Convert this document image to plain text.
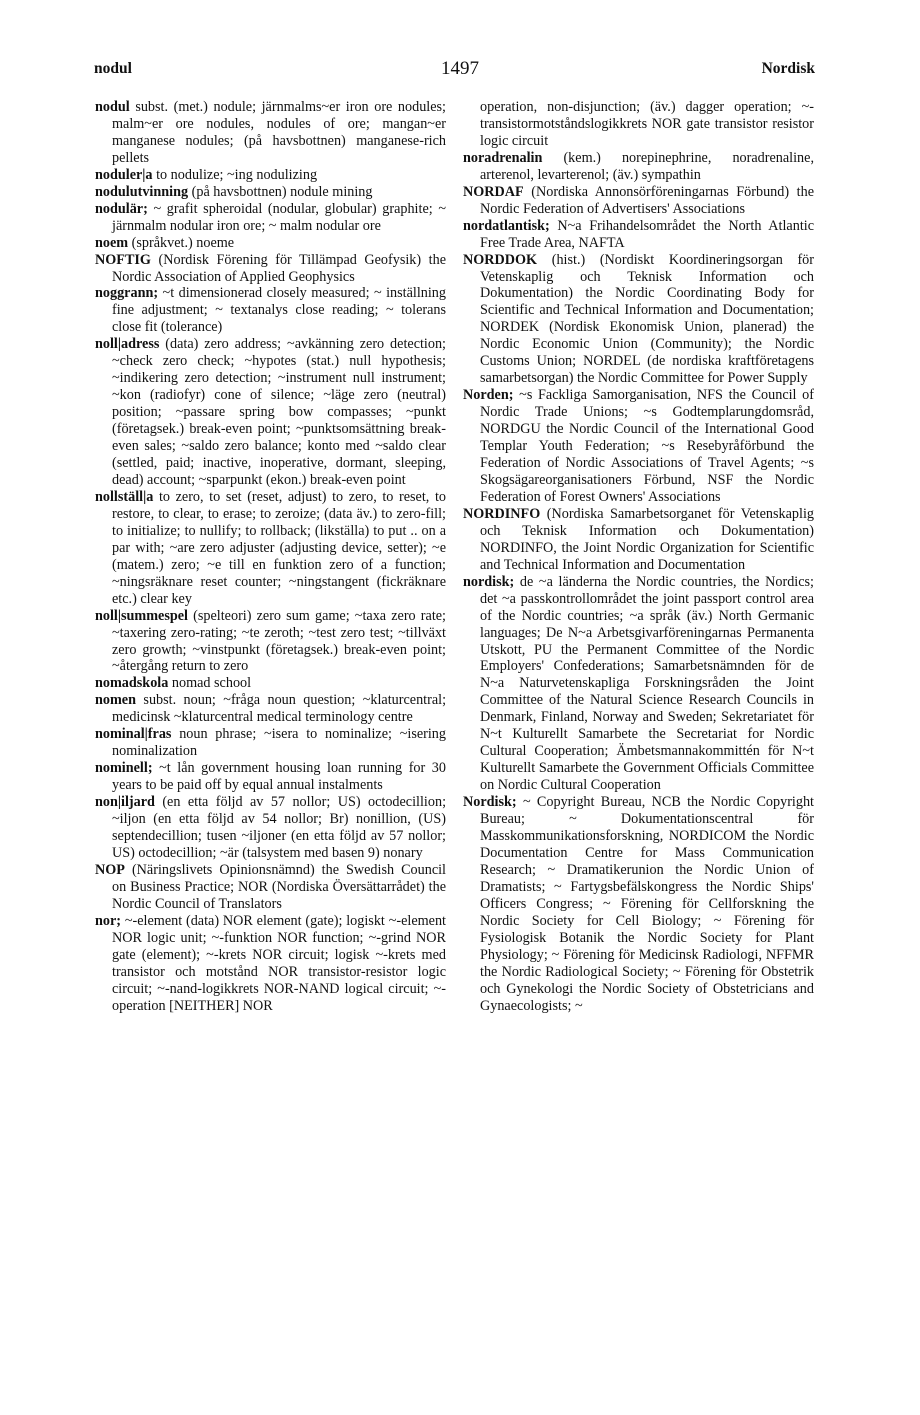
nodul	1497	Nordisk

nodul subst. (met.) nodule; järnmalms~er iron ore nodules; malm~er ore nodules, nodules of ore; mangan~er manganese nodules; (på havsbottnen) manganese-rich pellets

noduler|a to nodulize; ~ing nodulizing

nodulutvinning (på havsbottnen) nodule mining

nodulär; ~ grafit spheroidal (nodular, globular) graphite; ~ järnmalm nodular iron ore; ~ malm nodular ore

noem (språkvet.) noeme

NOFTIG (Nordisk Förening för Tillämpad Geofysik) the Nordic Association of Applied Geophysics

noggrann; ~t dimensionerad closely measured; ~ inställning fine adjustment; ~ textanalys close reading; ~ tolerans close fit (tolerance)

noll|adress (data) zero address; ~avkänning zero detection; ~check zero check; ~hypotes (stat.) null hypothesis; ~indikering zero detection; ~instrument null instrument; ~kon (radiofyr) cone of silence; ~läge zero (neutral) position; ~passare spring bow compasses; ~punkt (företagsek.) break-even point; ~punktsomsättning break-even sales; ~saldo zero balance; konto med ~saldo clear (settled, paid; inactive, inoperative, dormant, sleeping, dead) account; ~sparpunkt (ekon.) break-even point

nollställ|a to zero, to set (reset, adjust) to zero, to reset, to restore, to clear, to erase; to zeroize; (data äv.) to zero-fill; to initialize; to nullify; to rollback; (likställa) to put .. on a par with; ~are zero adjuster (adjusting device, setter); ~e (matem.) zero; ~e till en funktion zero of a function; ~ningsräknare reset counter; ~ningstangent (fickräknare etc.) clear key

noll|summespel (spelteori) zero sum game; ~taxa zero rate; ~taxering zero-rating; ~te zeroth; ~test zero test; ~tillväxt zero growth; ~vinstpunkt (företagsek.) break-even point; ~återgång return to zero

nomadskola nomad school

nomen subst. noun; ~fråga noun question; ~klaturcentral; medicinsk ~klaturcentral medical terminology centre

nominal|fras noun phrase; ~isera to nominalize; ~isering nominalization

nominell; ~t lån government housing loan running for 30 years to be paid off by equal annual instalments

non|iljard (en etta följd av 57 nollor; US) octodecillion; ~iljon (en etta följd av 54 nollor; Br) nonillion, (US) septendecillion; tusen ~iljoner (en etta följd av 57 nollor; US) octodecillion; ~är (talsystem med basen 9) nonary

NOP (Näringslivets Opinionsnämnd) the Swedish Council on Business Practice; NOR (Nordiska Översättarrådet) the Nordic Council of Translators

nor; ~-element (data) NOR element (gate); logiskt ~-element NOR logic unit; ~-funktion NOR function; ~-grind NOR gate (element); ~-krets NOR circuit; logisk ~-krets med transistor och motstånd NOR transistor-resistor logic circuit; ~-nand-logikkrets NOR-NAND logical circuit; ~-operation [NEITHER] NOR

operation, non-disjunction; (äv.) dagger operation; ~-transistormotståndslogikkrets NOR gate transistor resistor logic circuit

noradrenalin (kem.) norepinephrine, noradrenaline, arterenol, levarterenol; (äv.) sympathin

NORDAF (Nordiska Annonsörföreningarnas Förbund) the Nordic Federation of Advertisers' Associations

nordatlantisk; N~a Frihandelsområdet the North Atlantic Free Trade Area, NAFTA

NORDDOK (hist.) (Nordiskt Koordineringsorgan för Vetenskaplig och Teknisk Information och Dokumentation) the Nordic Coordinating Body for Scientific and Technical Information and Documentation; NORDEK (Nordisk Ekonomisk Union, planerad) the Nordic Economic Union (Community); the Nordic Customs Union; NORDEL (de nordiska kraftföretagens samarbetsorgan) the Nordic Committee for Power Supply

Norden; ~s Fackliga Samorganisation, NFS the Council of Nordic Trade Unions; ~s Godtemplarungdomsråd, NORDGU the Nordic Council of the International Good Templar Youth Federation; ~s Resebyråförbund the Federation of Nordic Associations of Travel Agents; ~s Skogsägareorganisationers Förbund, NSF the Nordic Federation of Forest Owners' Associations

NORDINFO (Nordiska Samarbetsorganet för Vetenskaplig och Teknisk Information och Dokumentation) NORDINFO, the Joint Nordic Organization for Scientific and Technical Information and Documentation

nordisk; de ~a länderna the Nordic countries, the Nordics; det ~a passkontrollområdet the joint passport control area of the Nordic countries; ~a språk (äv.) North Germanic languages; De N~a Arbetsgivarföreningarnas Permanenta Utskott, PU the Permanent Committee of the Nordic Employers' Confederations; Samarbetsnämnden för de N~a Naturvetenskapliga Forskningsråden the Joint Committee of the Natural Science Research Councils in Denmark, Finland, Norway and Sweden; Sekretariatet för N~t Kulturellt Samarbete the Secretariat for Nordic Cultural Cooperation; Ämbetsmannakommittén för N~t Kulturellt Samarbete the Government Officials Committee on Nordic Cultural Cooperation

Nordisk; ~ Copyright Bureau, NCB the Nordic Copyright Bureau; ~ Dokumentationscentral för Masskommunikationsforskning, NORDICOM the Nordic Documentation Centre for Mass Communication Research; ~ Dramatikerunion the Nordic Union of Dramatists; ~ Fartygsbefälskongress the Nordic Ships' Officers Congress; ~ Förening för Cellforskning the Nordic Society for Cell Biology; ~ Förening för Fysiologisk Botanik the Nordic Society for Plant Physiology; ~ Förening för Medicinsk Radiologi, NFFMR the Nordic Radiological Society; ~ Förening för Obstetrik och Gynekologi the Nordic Society of Obstetricians and Gynaecologists; ~
